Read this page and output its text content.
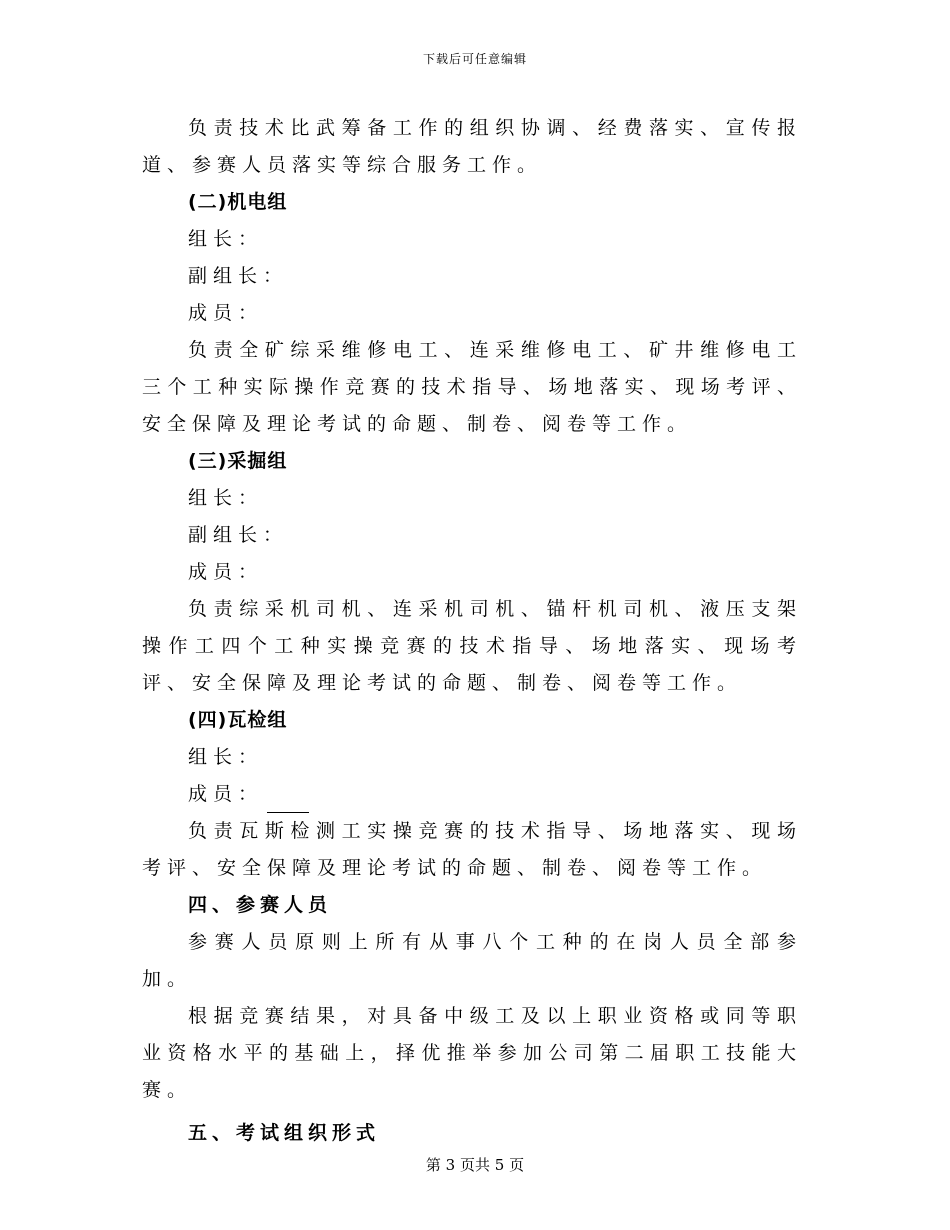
下载后可任意编辑

负责技术比武筹备工作的组织协调、经费落实、宣传报道、参赛人员落实等综合服务工作。

(二)机电组

组长：

副组长：

成员：

负责全矿综采维修电工、连采维修电工、矿井维修电工三个工种实际操作竞赛的技术指导、场地落实、现场考评、安全保障及理论考试的命题、制卷、阅卷等工作。

(三)采掘组

组长：

副组长：

成员：

负责综采机司机、连采机司机、锚杆机司机、液压支架操作工四个工种实操竞赛的技术指导、场地落实、现场考评、安全保障及理论考试的命题、制卷、阅卷等工作。

(四)瓦检组

组长：

成员：

负责瓦斯检测工实操竞赛的技术指导、场地落实、现场考评、安全保障及理论考试的命题、制卷、阅卷等工作。

四、参赛人员

参赛人员原则上所有从事八个工种的在岗人员全部参加。

根据竞赛结果，对具备中级工及以上职业资格或同等职业资格水平的基础上，择优推举参加公司第二届职工技能大赛。

五、考试组织形式

第 3 页共 5 页
